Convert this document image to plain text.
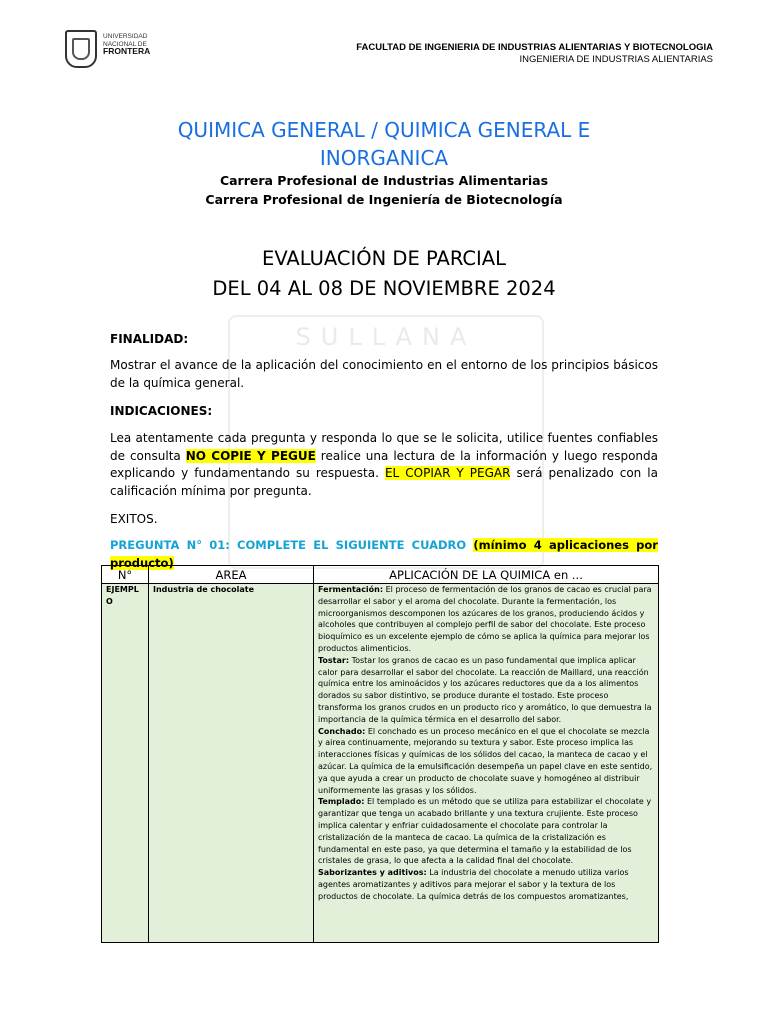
UNIVERSIDAD
NACIONAL DE
FRONTERA	FACULTAD DE INGENIERIA DE INDUSTRIAS ALIENTARIAS Y BIOTECNOLOGIA
INGENIERIA DE INDUSTRIAS ALIENTARIAS
SULLANA
QUIMICA GENERAL / QUIMICA GENERAL E
INORGANICA
Carrera Profesional de Industrias Alimentarias
Carrera Profesional de Ingeniería de Biotecnología
EVALUACIÓN DE PARCIAL
DEL 04 AL 08 DE NOVIEMBRE 2024
FINALIDAD:
Mostrar el avance de la aplicación del conocimiento en el entorno de los principios básicos de la química general.
INDICACIONES:
Lea atentamente cada pregunta y responda lo que se le solicita, utilice fuentes confiables de consulta NO COPIE Y PEGUE realice una lectura de la información y luego responda explicando y fundamentando su respuesta. EL COPIAR Y PEGAR será penalizado con la calificación mínima por pregunta.
EXITOS.
PREGUNTA N° 01: COMPLETE EL SIGUIENTE CUADRO (mínimo 4 aplicaciones por producto)
N°	AREA	APLICACIÓN DE LA QUIMICA en ...
EJEMPLO	Industria de chocolate	Fermentación: El proceso de fermentación de los granos de cacao es crucial para desarrollar el sabor y el aroma del chocolate. Durante la fermentación, los microorganismos descomponen los azúcares de los granos, produciendo ácidos y alcoholes que contribuyen al complejo perfil de sabor del chocolate. Este proceso bioquímico es un excelente ejemplo de cómo se aplica la química para mejorar los productos alimenticios.

Tostar: Tostar los granos de cacao es un paso fundamental que implica aplicar calor para desarrollar el sabor del chocolate. La reacción de Maillard, una reacción química entre los aminoácidos y los azúcares reductores que da a los alimentos dorados su sabor distintivo, se produce durante el tostado. Este proceso transforma los granos crudos en un producto rico y aromático, lo que demuestra la importancia de la química térmica en el desarrollo del sabor.

Conchado: El conchado es un proceso mecánico en el que el chocolate se mezcla y airea continuamente, mejorando su textura y sabor. Este proceso implica las interacciones físicas y químicas de los sólidos del cacao, la manteca de cacao y el azúcar. La química de la emulsificación desempeña un papel clave en este sentido, ya que ayuda a crear un producto de chocolate suave y homogéneo al distribuir uniformemente las grasas y los sólidos.

Templado: El templado es un método que se utiliza para estabilizar el chocolate y garantizar que tenga un acabado brillante y una textura crujiente. Este proceso implica calentar y enfriar cuidadosamente el chocolate para controlar la cristalización de la manteca de cacao. La química de la cristalización es fundamental en este paso, ya que determina el tamaño y la estabilidad de los cristales de grasa, lo que afecta a la calidad final del chocolate.

Saborizantes y aditivos: La industria del chocolate a menudo utiliza varios agentes aromatizantes y aditivos para mejorar el sabor y la textura de los productos de chocolate. La química detrás de los compuestos aromatizantes,
